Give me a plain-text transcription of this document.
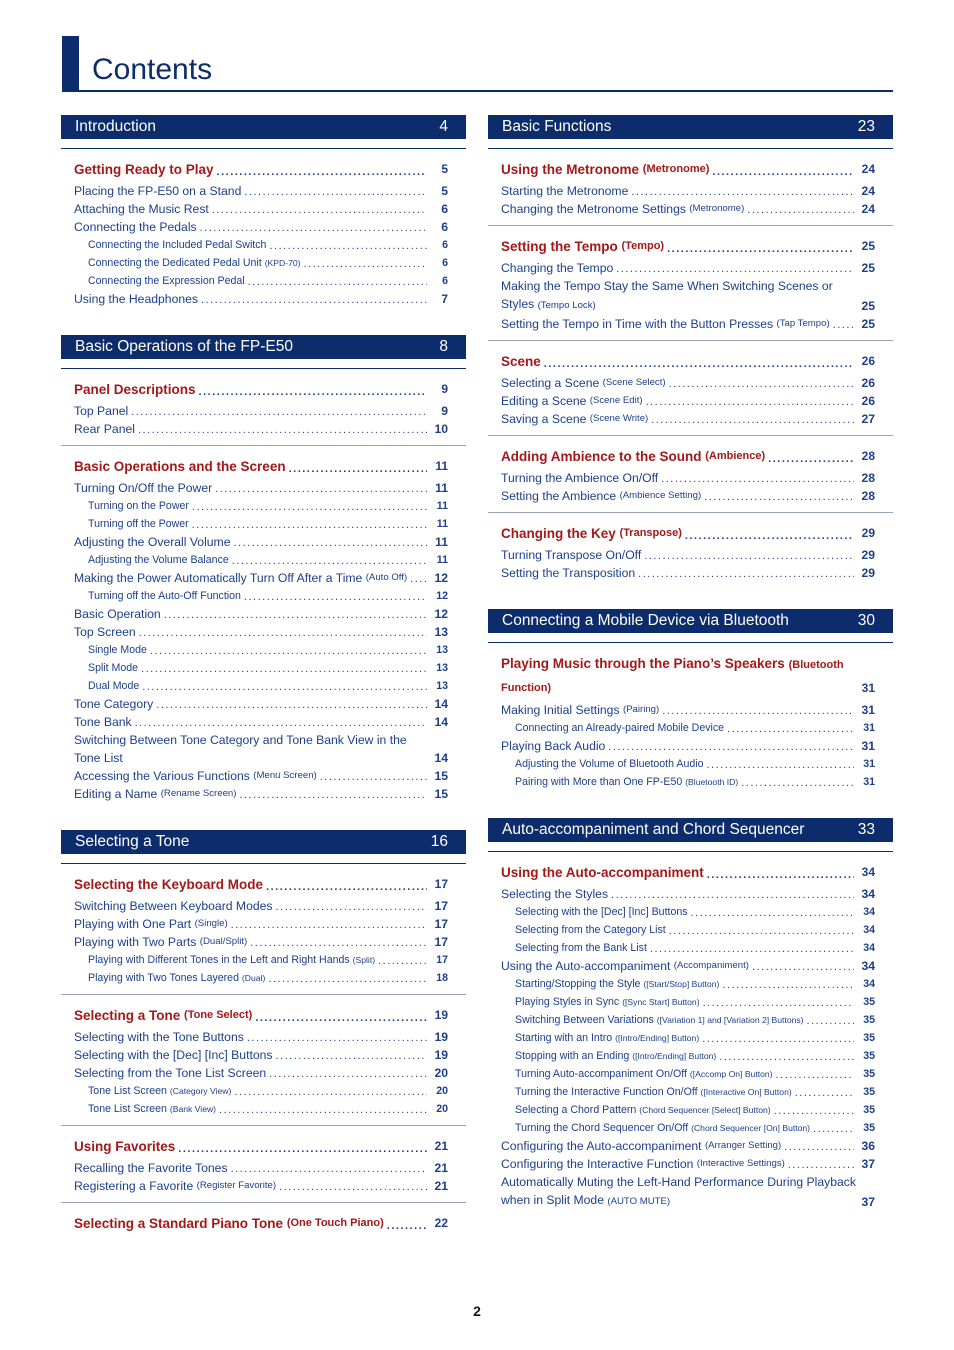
Contents
Introduction	4
Getting Ready to Play .....	5
Placing the FP-E50 on a Stand .....	5
Attaching the Music Rest .....	6
Connecting the Pedals .....	6
Connecting the Included Pedal Switch .....	6
Connecting the Dedicated Pedal Unit
(KPD-70) .....	6
Connecting the Expression Pedal .....	6
Using the Headphones .....	7
Basic Operations of the FP-E50	8
Panel Descriptions .....	9
Top Panel .....	9
Rear Panel .....	10
Basic Operations and the Screen .....	11
Turning On/Off the Power .....	11
Turning on the Power .....	11
Turning off the Power .....	11
Adjusting the Overall Volume .....	11
Adjusting the Volume Balance .....	11
Making the Power Automatically Turn Off After a Time
(Auto Off) .....	12
Turning off the Auto-Off Function .....	12
Basic Operation .....	12
Top Screen .....	13
Single Mode .....	13
Split Mode .....	13
Dual Mode .....	13
Tone Category .....	14
Tone Bank .....	14
Switching Between Tone Category and Tone Bank View in the Tone List	14
Accessing the Various Functions
(Menu Screen) .....	15
Editing a Name
(Rename Screen) .....	15
Selecting a Tone	16
Selecting the Keyboard Mode .....	17
Switching Between Keyboard Modes .....	17
Playing with One Part
(Single) .....	17
Playing with Two Parts
(Dual/Split) .....	17
Playing with Different Tones in the Left and Right Hands
(Split) .....	17
Playing with Two Tones Layered
(Dual) .....	18
Selecting a Tone
(Tone Select) .....	19
Selecting with the Tone Buttons .....	19
Selecting with the [Dec] [Inc] Buttons .....	19
Selecting from the Tone List Screen .....	20
Tone List Screen
(Category View) .....	20
Tone List Screen
(Bank View) .....	20
Using Favorites .....	21
Recalling the Favorite Tones .....	21
Registering a Favorite
(Register Favorite) .....	21
Selecting a Standard Piano Tone
(One Touch Piano) .....	22
Basic Functions	23
Using the Metronome
(Metronome) .....	24
Starting the Metronome .....	24
Changing the Metronome Settings
(Metronome) .....	24
Setting the Tempo
(Tempo) .....	25
Changing the Tempo .....	25
Making the Tempo Stay the Same When Switching Scenes or Styles (Tempo Lock)	25
Setting the Tempo in Time with the Button Presses
(Tap Tempo) .....	25
Scene .....	26
Selecting a Scene
(Scene Select) .....	26
Editing a Scene
(Scene Edit) .....	26
Saving a Scene
(Scene Write) .....	27
Adding Ambience to the Sound
(Ambience) .....	28
Turning the Ambience On/Off .....	28
Setting the Ambience
(Ambience Setting) .....	28
Changing the Key
(Transpose) .....	29
Turning Transpose On/Off .....	29
Setting the Transposition .....	29
Connecting a Mobile Device via Bluetooth	30
Playing Music through the Piano’s Speakers (Bluetooth Function)	31
Making Initial Settings
(Pairing) .....	31
Connecting an Already-paired Mobile Device .....	31
Playing Back Audio .....	31
Adjusting the Volume of Bluetooth Audio .....	31
Pairing with More than One FP-E50
(Bluetooth ID) .....	31
Auto-accompaniment and Chord Sequencer	33
Using the Auto-accompaniment .....	34
Selecting the Styles .....	34
Selecting with the [Dec] [Inc] Buttons .....	34
Selecting from the Category List .....	34
Selecting from the Bank List .....	34
Using the Auto-accompaniment
(Accompaniment) .....	34
Starting/Stopping the Style
([Start/Stop] Button) .....	34
Playing Styles in Sync
([Sync Start] Button) .....	35
Switching Between Variations
([Variation 1] and [Variation 2] Buttons) .....	35
Starting with an Intro
([Intro/Ending] Button) .....	35
Stopping with an Ending
([Intro/Ending] Button) .....	35
Turning Auto-accompaniment On/Off
([Accomp On] Button) .....	35
Turning the Interactive Function On/Off
([Interactive On] Button) .....	35
Selecting a Chord Pattern
(Chord Sequencer [Select] Button) .....	35
Turning the Chord Sequencer On/Off
(Chord Sequencer [On] Button) .....	35
Configuring the Auto-accompaniment
(Arranger Setting) .....	36
Configuring the Interactive Function
(Interactive Settings) .....	37
Automatically Muting the Left-Hand Performance During Playback when in Split Mode (AUTO MUTE)	37
2
